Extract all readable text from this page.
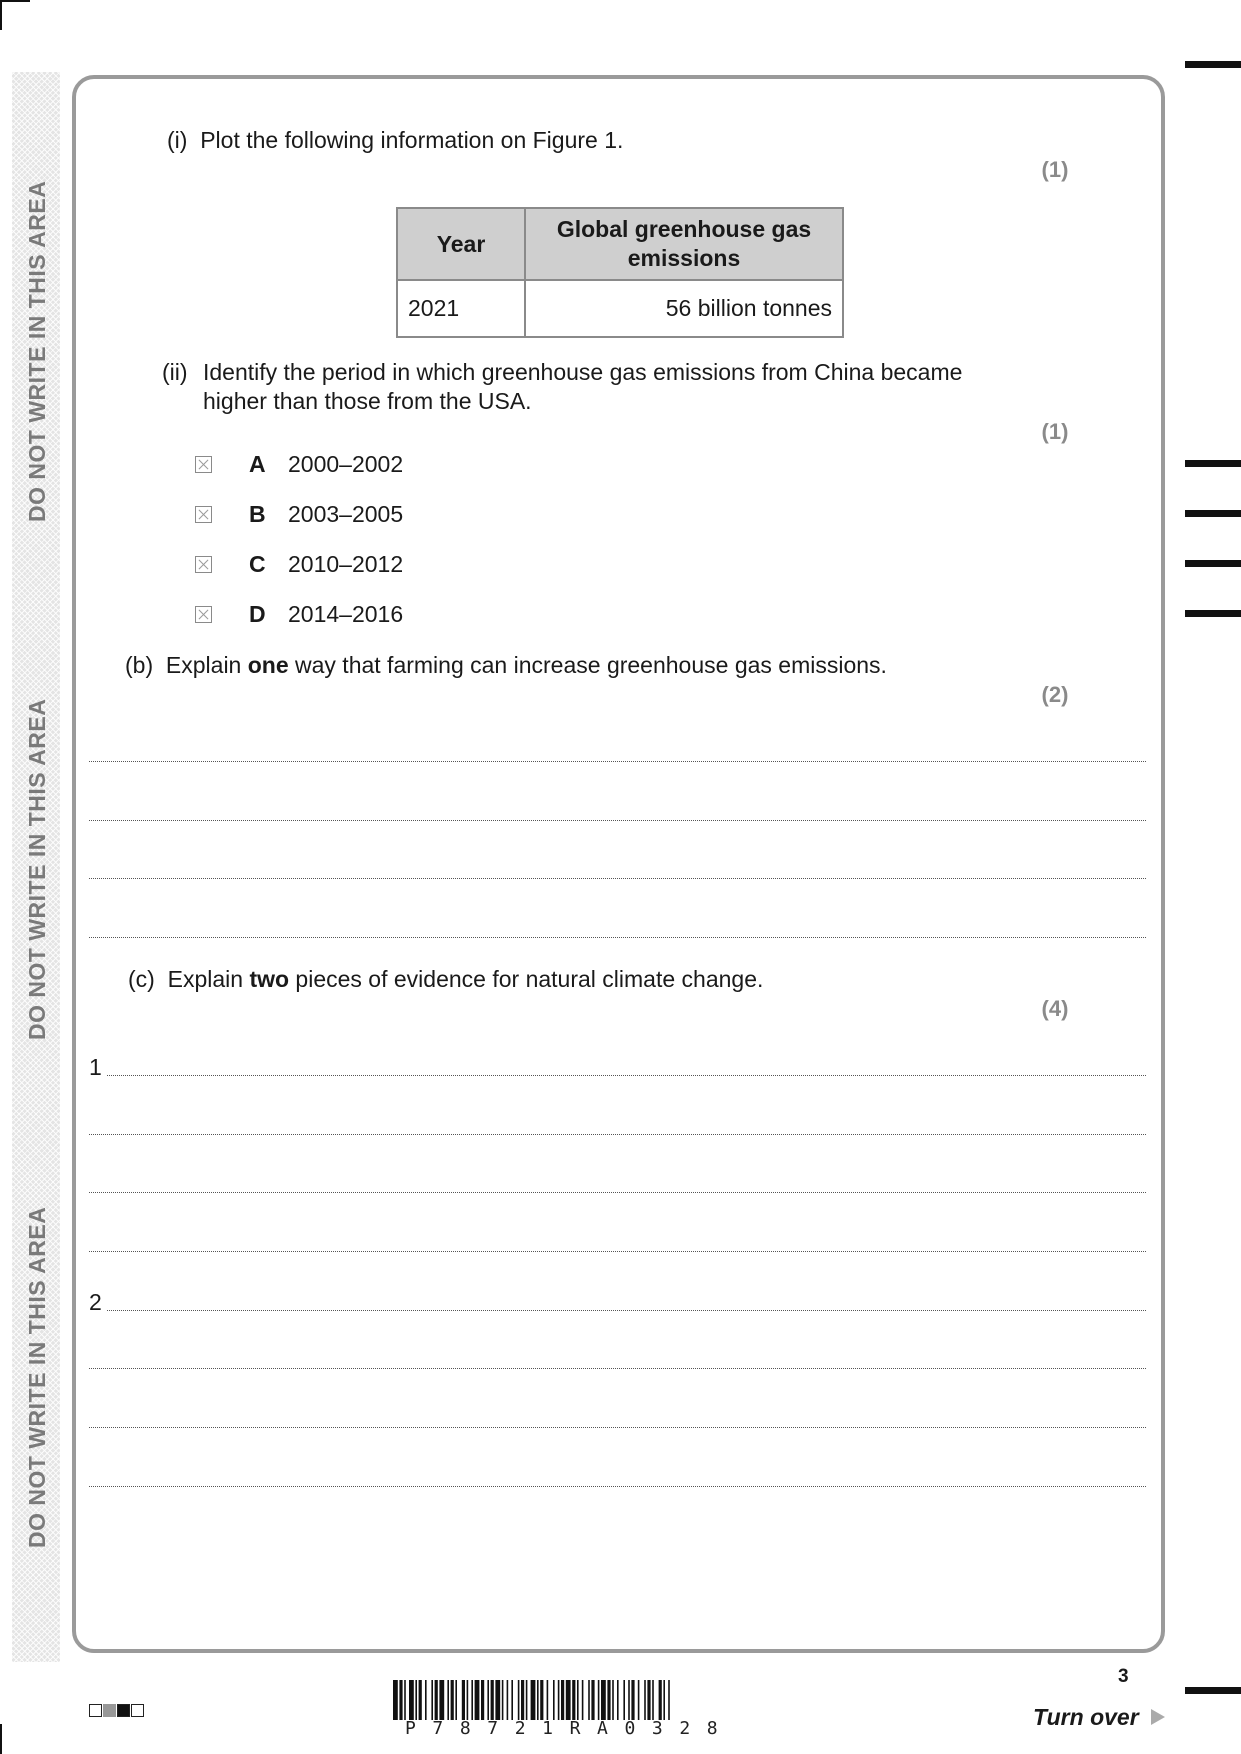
DO NOT WRITE IN THIS AREA
DO NOT WRITE IN THIS AREA
DO NOT WRITE IN THIS AREA
(i) Plot the following information on Figure 1.
(1)
Year	Global greenhouse gas emissions
2021	56 billion tonnes
(ii) Identify the period in which greenhouse gas emissions from China became
higher than those from the USA.
(1)
A 2000–2002
B 2003–2005
C 2010–2012
D 2014–2016
(b) Explain one way that farming can increase greenhouse gas emissions.
(2)
(c) Explain two pieces of evidence for natural climate change.
(4)
1
2
P78721RA0328
3
Turn over
